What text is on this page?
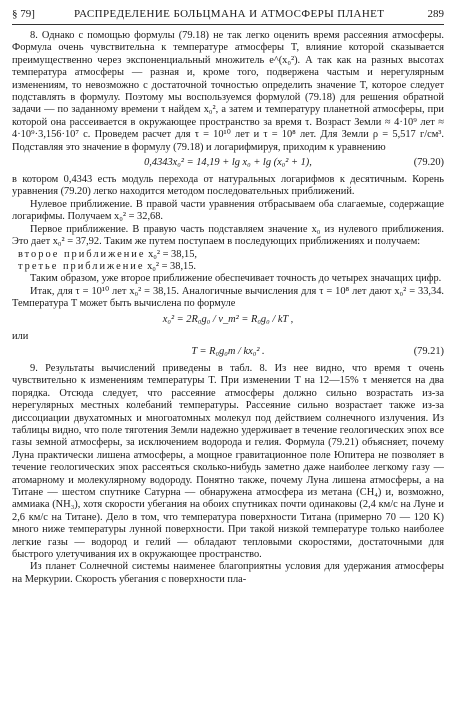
§ 79]	РАСПРЕДЕЛЕНИЕ БОЛЬЦМАНА И АТМОСФЕРЫ ПЛАНЕТ	289

8. Однако с помощью формулы (79.18) не так легко оценить время рассеяния атмосферы. Формула очень чувствительна к температуре атмосферы T, влияние которой сказывается преимущественно через экспоненциальный множитель e^(x₀²). А так как на разных высотах температура атмосферы — разная и, кроме того, подвержена частым и нерегулярным изменениям, то невозможно с достаточной точностью определить значение T, которое следует подставлять в формулу. Поэтому мы воспользуемся формулой (79.18) для решения обратной задачи — по заданному времени τ найдем x₀², а затем и температуру планетной атмосферы, при которой она рассеивается в окружающее пространство за время τ. Возраст Земли ≈ 4·10⁹ лет ≈ 4·10⁹·3,156·10⁷ с. Проведем расчет для τ = 10¹⁰ лет и τ = 10⁸ лет. Для Земли ρ = 5,517 г/см³. Подставляя это значение в формулу (79.18) и логарифмируя, приходим к уравнению

0,4343x₀² = 14,19 + lg x₀ + lg (x₀² + 1),	(79.20)

в котором 0,4343 есть модуль перехода от натуральных логарифмов к десятичным. Корень уравнения (79.20) легко находится методом последовательных приближений.

Нулевое приближение. В правой части уравнения отбрасываем оба слагаемые, содержащие логарифмы. Получаем x₀² = 32,68.

Первое приближение. В правую часть подставляем значение x₀ из нулевого приближения. Это дает x₀² = 37,92. Таким же путем поступаем в последующих приближениях и получаем:

второе приближение x₀² = 38,15,

третье приближение x₀² = 38,15.

Таким образом, уже второе приближение обеспечивает точность до четырех значащих цифр.

Итак, для τ = 10¹⁰ лет x₀² = 38,15. Аналогичные вычисления для τ = 10⁸ лет дают x₀² = 33,34. Температура T может быть вычислена по формуле

x₀² = 2R₀g₀ / v_m² = R₀g₀ / kT ,

или

T = R₀g₀m / kx₀² .	(79.21)

9. Результаты вычислений приведены в табл. 8. Из нее видно, что время τ очень чувствительно к изменениям температуры T. При изменении T на 12—15% τ меняется на два порядка. Отсюда следует, что рассеяние атмосферы должно сильно возрастать из-за нерегулярных местных колебаний температуры. Рассеяние сильно возрастает также из-за диссоциации двухатомных и многоатомных молекул под действием солнечного излучения. Из таблицы видно, что поле тяготения Земли надежно удерживает в течение геологических эпох все газы земной атмосферы, за исключением водорода и гелия. Формула (79.21) объясняет, почему Луна практически лишена атмосферы, а мощное гравитационное поле Юпитера не позволяет в течение геологических эпох рассеяться сколько-нибудь заметно даже наиболее легкому газу — атомарному и молекулярному водороду. Понятно также, почему Луна лишена атмосферы, а на Титане — шестом спутнике Сатурна — обнаружена атмосфера из метана (CH₄) и, возможно, аммиака (NH₃), хотя скорости убегания на обоих спутниках почти одинаковы (2,4 км/с на Луне и 2,6 км/с на Титане). Дело в том, что температура поверхности Титана (примерно 70 — 120 K) много ниже температуры лунной поверхности. При такой низкой температуре только наиболее легкие газы — водород и гелий — обладают тепловыми скоростями, достаточными для быстрого улетучивания их в окружающее пространство.

Из планет Солнечной системы наименее благоприятны условия для удержания атмосферы на Меркурии. Скорость убегания с поверхности пла-
